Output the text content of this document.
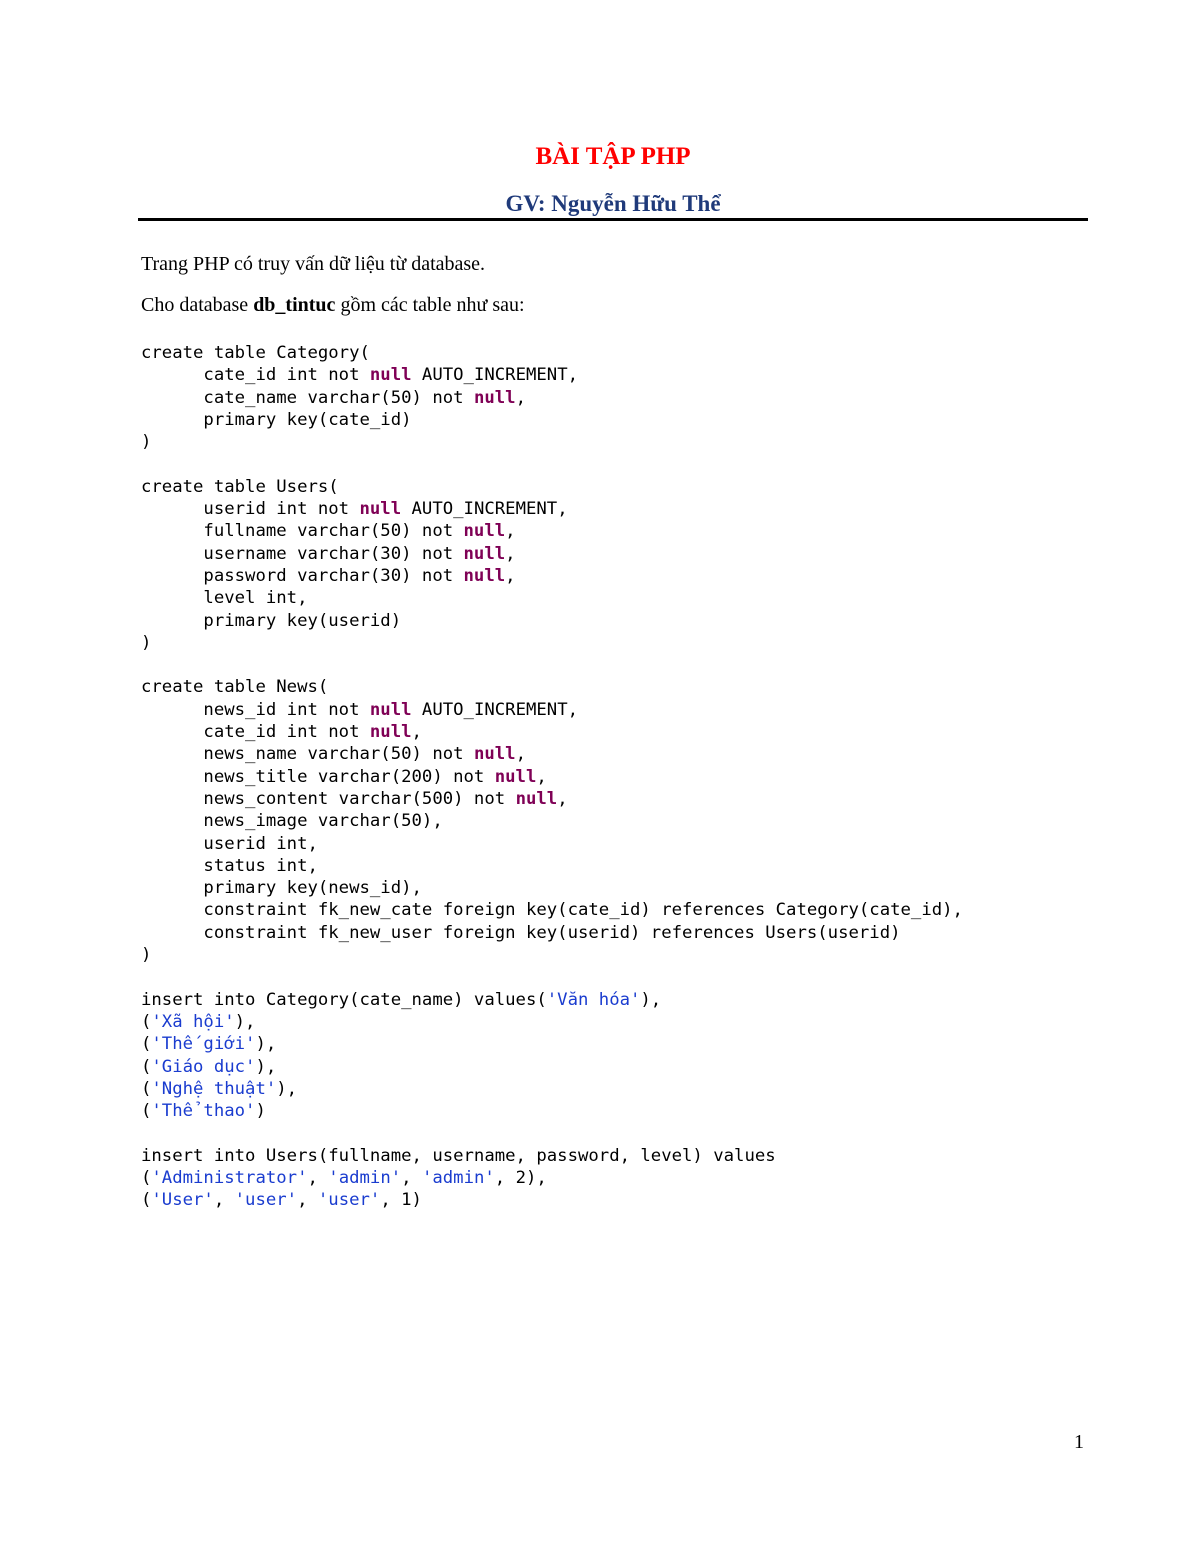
BÀI TẬP PHP
GV: Nguyễn Hữu Thể
Trang PHP có truy vấn dữ liệu từ database.
Cho database db_tintuc gồm các table như sau:
create table Category(
cate_id int not null AUTO_INCREMENT,
cate_name varchar(50) not null,
primary key(cate_id)
)

create table Users(
userid int not null AUTO_INCREMENT,
fullname varchar(50) not null,
username varchar(30) not null,
password varchar(30) not null,
level int,
primary key(userid)
)

create table News(
news_id int not null AUTO_INCREMENT,
cate_id int not null,
news_name varchar(50) not null,
news_title varchar(200) not null,
news_content varchar(500) not null,
news_image varchar(50),
userid int,
status int,
primary key(news_id),
constraint fk_new_cate foreign key(cate_id) references Category(cate_id),
constraint fk_new_user foreign key(userid) references Users(userid)
)

insert into Category(cate_name) values('Văn hóa'),
('Xã hội'),
('Thế giới'),
('Giáo dục'),
('Nghệ thuật'),
('Thể thao')

insert into Users(fullname, username, password, level) values
('Administrator', 'admin', 'admin', 2),
('User', 'user', 'user', 1)
1
